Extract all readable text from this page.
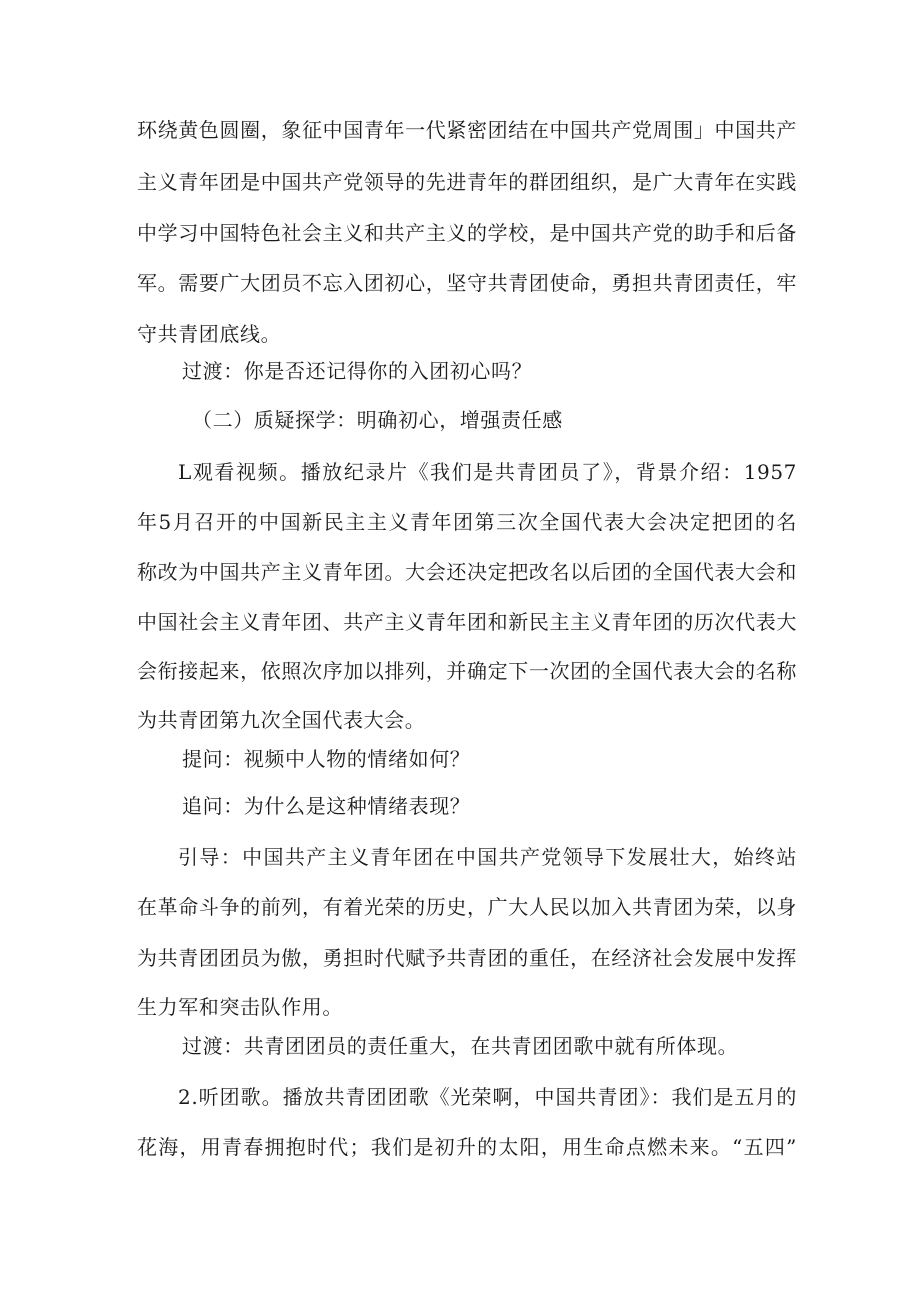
环绕黄色圆圈，象征中国青年一代紧密团结在中国共产党周围」中国共产
主义青年团是中国共产党领导的先进青年的群团组织，是广大青年在实践
中学习中国特色社会主义和共产主义的学校，是中国共产党的助手和后备
军。需要广大团员不忘入团初心，坚守共青团使命，勇担共青团责任，牢
守共青团底线。
过渡：你是否还记得你的入团初心吗？
（二）质疑探学：明确初心，增强责任感
L观看视频。播放纪录片《我们是共青团员了》，背景介绍：1957
年5月召开的中国新民主主义青年团第三次全国代表大会决定把团的名
称改为中国共产主义青年团。大会还决定把改名以后团的全国代表大会和
中国社会主义青年团、共产主义青年团和新民主主义青年团的历次代表大
会衔接起来，依照次序加以排列，并确定下一次团的全国代表大会的名称
为共青团第九次全国代表大会。
提问：视频中人物的情绪如何？
追问：为什么是这种情绪表现？
引导：中国共产主义青年团在中国共产党领导下发展壮大，始终站
在革命斗争的前列，有着光荣的历史，广大人民以加入共青团为荣，以身
为共青团团员为傲，勇担时代赋予共青团的重任，在经济社会发展中发挥
生力军和突击队作用。
过渡：共青团团员的责任重大，在共青团团歌中就有所体现。
2.听团歌。播放共青团团歌《光荣啊，中国共青团》：我们是五月的
花海，用青春拥抱时代；我们是初升的太阳，用生命点燃未来。“五四”
